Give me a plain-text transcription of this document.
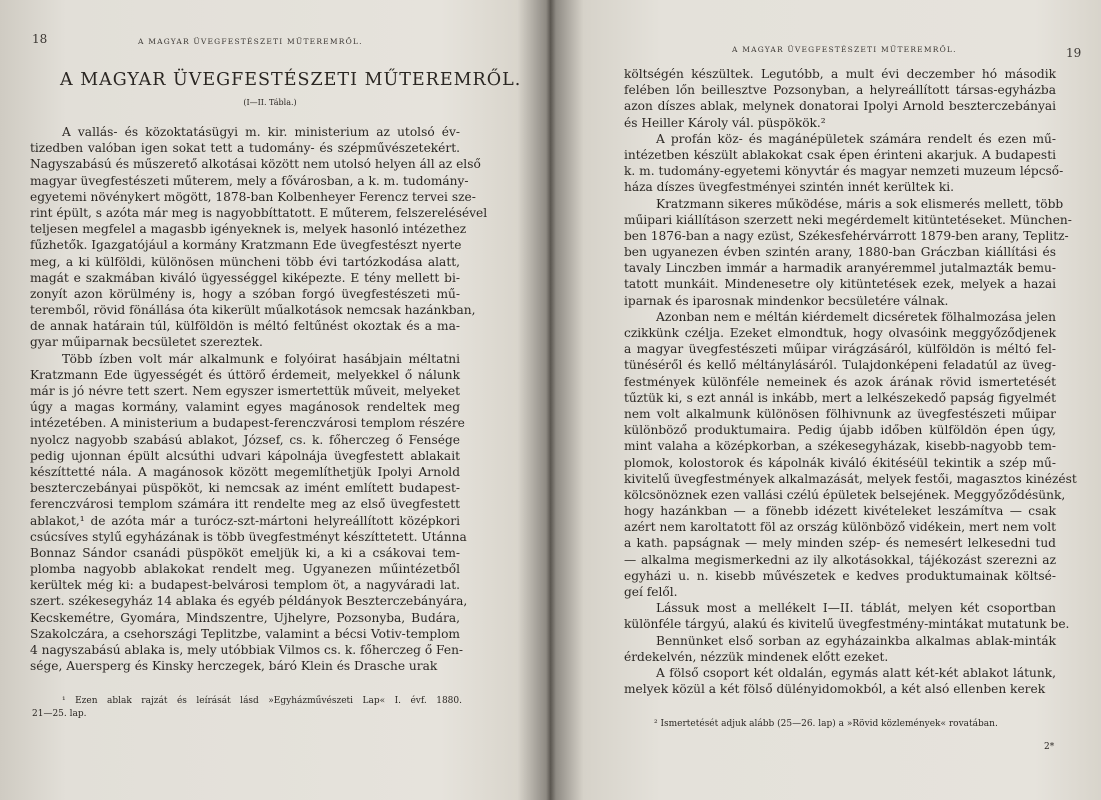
18	A MAGYAR ÜVEGFESTÉSZETI MŰTEREMRŐL.
A MAGYAR ÜVEGFESTÉSZETI MŰTEREMRŐL.
(I—II. Tábla.)
A vallás- és közoktatásügyi m. kir. ministerium az utolsó év-
tizedben valóban igen sokat tett a tudomány- és szépművészetekért.
Nagyszabású és műszerető alkotásai között nem utolsó helyen áll az első
magyar üvegfestészeti műterem, mely a fővárosban, a k. m. tudomány-
egyetemi növénykert mögött, 1878-ban Kolbenheyer Ferencz tervei sze-
rint épült, s azóta már meg is nagyobbíttatott. E műterem, felszerelésével
teljesen megfelel a magasbb igényeknek is, melyek hasonló intézethez
fűzhetők. Igazgatójául a kormány Kratzmann Ede üvegfestészt nyerte
meg, a ki külföldi, különösen müncheni több évi tartózkodása alatt,
magát e szakmában kiváló ügyességgel kiképezte. E tény mellett bi-
zonyít azon körülmény is, hogy a szóban forgó üvegfestészeti mű-
teremből, rövid fönállása óta kikerült műalkotások nemcsak hazánkban,
de annak határain túl, külföldön is méltó feltűnést okoztak és a ma-
gyar műiparnak becsületet szereztek.
Több ízben volt már alkalmunk e folyóirat hasábjain méltatni
Kratzmann Ede ügyességét és úttörő érdemeit, melyekkel ő nálunk
már is jó névre tett szert. Nem egyszer ismertettük műveit, melyeket
úgy a magas kormány, valamint egyes magánosok rendeltek meg
intézetében. A ministerium a budapest-ferenczvárosi templom részére
nyolcz nagyobb szabású ablakot, József, cs. k. főherczeg ő Fensége
pedig ujonnan épült alcsúthi udvari kápolnája üvegfestett ablakait
készíttetté nála. A magánosok között megemlíthetjük Ipolyi Arnold
beszterczebányai püspököt, ki nemcsak az imént említett budapest-
ferenczvárosi templom számára itt rendelte meg az első üvegfestett
ablakot,¹ de azóta már a turócz-szt-mártoni helyreállított középkori
csúcsíves stylű egyházának is több üvegfestményt készíttetett. Utánna
Bonnaz Sándor csanádi püspököt emeljük ki, a ki a csákovai tem-
plomba nagyobb ablakokat rendelt meg. Ugyanezen műintézetből
kerültek még ki: a budapest-belvárosi templom öt, a nagyváradi lat.
szert. székesegyház 14 ablaka és egyéb példányok Beszterczebányára,
Kecskemétre, Gyomára, Mindszentre, Ujhelyre, Pozsonyba, Budára,
Szakolczára, a csehországi Teplitzbe, valamint a bécsi Votiv-templom
4 nagyszabású ablaka is, mely utóbbiak Vilmos cs. k. főherczeg ő Fen-
sége, Auersperg és Kinsky herczegek, báró Klein és Drasche urak
¹ Ezen ablak rajzát és leírását lásd »Egyházművészeti Lap« I. évf. 1880.
21—25. lap.
A MAGYAR ÜVEGFESTÉSZETI MŰTEREMRŐL.	19
költségén készültek. Legutóbb, a mult évi deczember hó második
felében lőn beillesztve Pozsonyban, a helyreállított társas-egyházba
azon díszes ablak, melynek donatorai Ipolyi Arnold beszterczebányai
és Heiller Károly vál. püspökök.²
A profán köz- és magánépületek számára rendelt és ezen mű-
intézetben készült ablakokat csak épen érinteni akarjuk. A budapesti
k. m. tudomány-egyetemi könyvtár és magyar nemzeti muzeum lépcső-
háza díszes üvegfestményei szintén innét kerültek ki.
Kratzmann sikeres működése, máris a sok elismerés mellett, több
műipari kiállításon szerzett neki megérdemelt kitüntetéseket. München-
ben 1876-ban a nagy ezüst, Székesfehérvárrott 1879-ben arany, Teplitz-
ben ugyanezen évben szintén arany, 1880-ban Gráczban kiállítási és
tavaly Linczben immár a harmadik aranyéremmel jutalmazták bemu-
tatott munkáit. Mindenesetre oly kitüntetések ezek, melyek a hazai
iparnak és iparosnak mindenkor becsületére válnak.
Azonban nem e méltán kiérdemelt dicséretek fölhalmozása jelen
czikkünk czélja. Ezeket elmondtuk, hogy olvasóink meggyőződjenek
a magyar üvegfestészeti műipar virágzásáról, külföldön is méltó fel-
tünéséről és kellő méltánylásáról. Tulajdonképeni feladatúl az üveg-
festmények különféle nemeinek és azok árának rövid ismertetését
tűztük ki, s ezt annál is inkább, mert a lelkészekedő papság figyelmét
nem volt alkalmunk különösen fölhivnunk az üvegfestészeti műipar
különböző produktumaira. Pedig újabb időben külföldön épen úgy,
mint valaha a középkorban, a székesegyházak, kisebb-nagyobb tem-
plomok, kolostorok és kápolnák kiváló ékitéséül tekintik a szép mű-
kivitelű üvegfestmények alkalmazását, melyek festői, magasztos kinézést
kölcsönöznek ezen vallási czélú épületek belsejének. Meggyőződésünk,
hogy hazánkban — a fönebb idézett kivételeket leszámítva — csak
azért nem karoltatott föl az ország különböző vidékein, mert nem volt
a kath. papságnak — mely minden szép- és nemesért lelkesedni tud
— alkalma megismerkedni az ily alkotásokkal, tájékozást szerezni az
egyházi u. n. kisebb művészetek e kedves produktumainak költsé-
geí felől.
Lássuk most a mellékelt I—II. táblát, melyen két csoportban
különféle tárgyú, alakú és kivitelű üvegfestmény-mintákat mutatunk be.
Bennünket első sorban az egyházainkba alkalmas ablak-minták
érdekelvén, nézzük mindenek előtt ezeket.
A fölső csoport két oldalán, egymás alatt két-két ablakot látunk,
melyek közül a két fölső dülényidomokból, a két alsó ellenben kerek
² Ismertetését adjuk alább (25—26. lap) a »Rövid közlemények« rovatában.
2*
